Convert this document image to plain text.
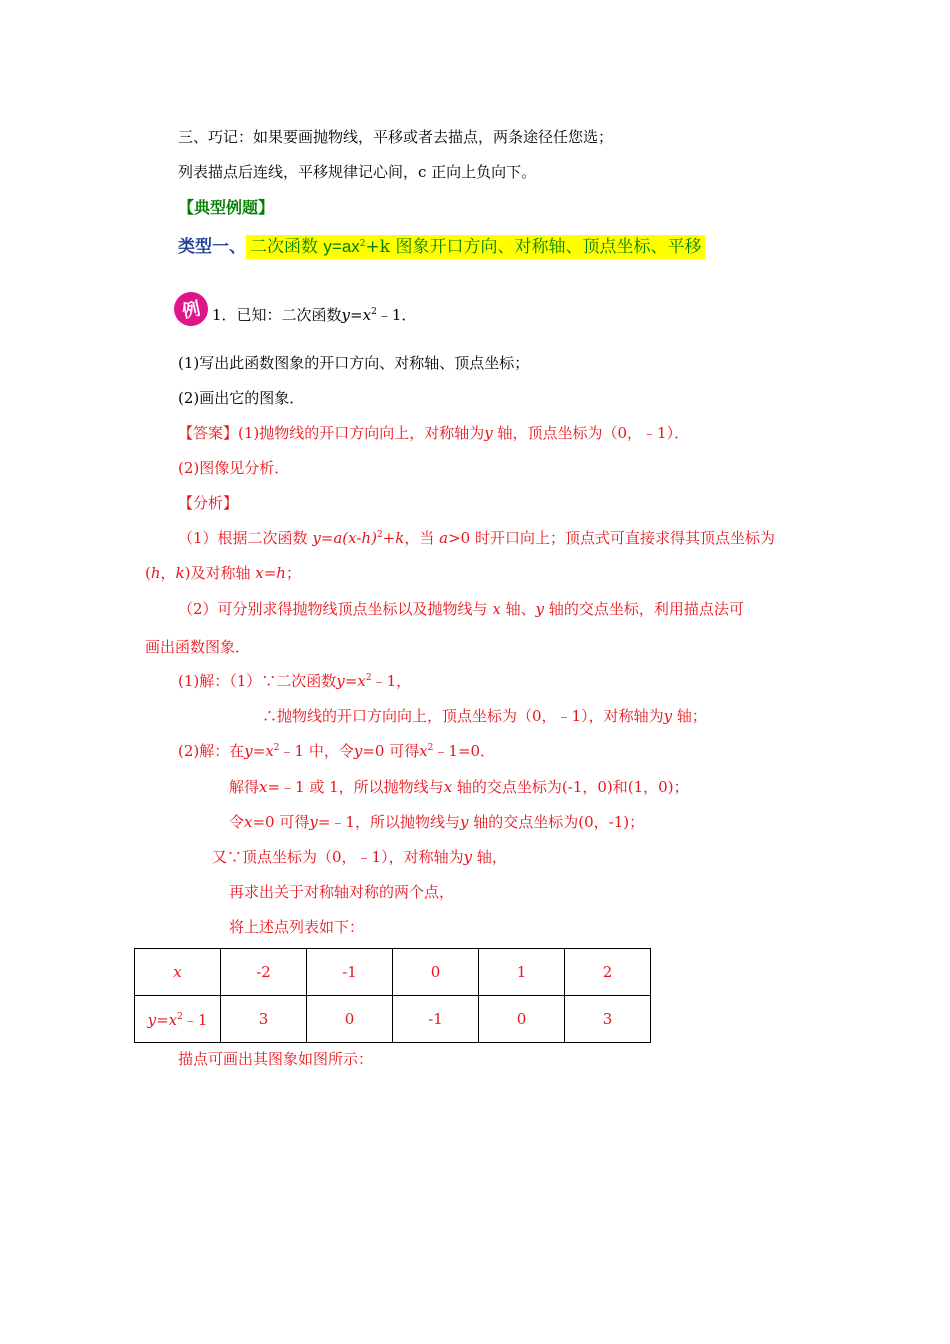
三、巧记：如果要画抛物线，平移或者去描点，两条途径任您选；
列表描点后连线，平移规律记心间，c 正向上负向下。
【典型例题】
类型一、 二次函数 $y=ax^2+k$ 图象开口方向、对称轴、顶点坐标、平移
例 1．已知：二次函数$y=x^2﹣1$．
(1)写出此函数图象的开口方向、对称轴、顶点坐标；
(2)画出它的图象．
【答案】(1)抛物线的开口方向向上，对称轴为y 轴，顶点坐标为（0，﹣1）．
(2)图像见分析．
【分析】
（1）根据二次函数 $y=a(x-h)^2+k$，当 a>0 时开口向上；顶点式可直接求得其顶点坐标为
(h，k)及对称轴 x=h；
（2）可分别求得抛物线顶点坐标以及抛物线与 x 轴、y 轴的交点坐标，利用描点法可
画出函数图象．
(1)解：（1）∵二次函数$y=x^2﹣1$，
∴抛物线的开口方向向上，顶点坐标为（0，﹣1），对称轴为y 轴；
(2)解：在$y=x^2﹣1$ 中，令y=0 可得$x^2﹣1=0$．
解得x=﹣1 或 1，所以抛物线与x 轴的交点坐标为(-1，0)和(1，0)；
令x=0 可得y=﹣1，所以抛物线与y 轴的交点坐标为(0，-1)；
又∵顶点坐标为（0，﹣1），对称轴为y 轴，
再求出关于对称轴对称的两个点，
将上述点列表如下：
x	-2	-1	0	1	2
$y=x^2﹣1$	3	0	-1	0	3
描点可画出其图象如图所示：
